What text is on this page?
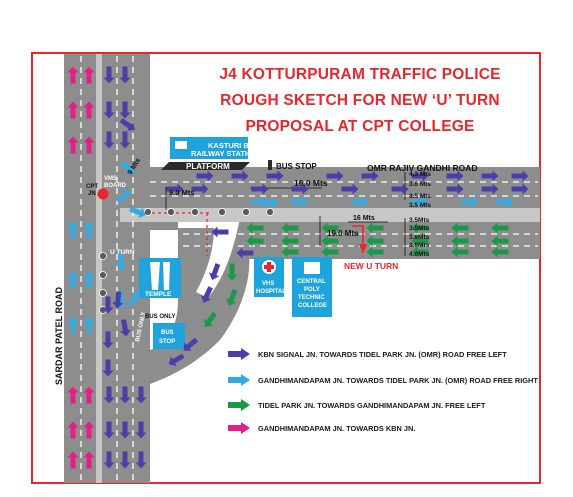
KASTURI BAI
RAILWAY STATION
PLATFORM	BUS STOP	OMR RAJIV GANDHI ROAD
CPT
JN
VMS
BOARD
U TURN
TEMPLE
VHS
HOSPITAL
CENTRAL
POLY
TECHNIC
COLLEGE
NEW U TURN
BUS ONLY
BUS ONLY BUS
STOP
SARDAR PATEL ROAD
9 Mts
9.0 Mts
16.0 Mts
16 Mts
19.0 Mts
4.3 Mts
3.6 Mts
3.5 Mts
3.5 Mts
3.5Mts
3.5Mts
3.6Mts
3.6Mts
4.0Mts
J4 KOTTURPURAM TRAFFIC POLICE
ROUGH SKETCH FOR NEW ‘U’ TURN
PROPOSAL AT CPT COLLEGE
KBN SIGNAL JN. TOWARDS TIDEL PARK JN. (OMR) ROAD FREE LEFT
GANDHIMANDAPAM JN. TOWARDS TIDEL PARK JN. (OMR) ROAD FREE RIGHT
TIDEL PARK JN. TOWARDS GANDHIMANDAPAM JN. FREE LEFT
GANDHIMANDAPAM JN. TOWARDS KBN JN.
